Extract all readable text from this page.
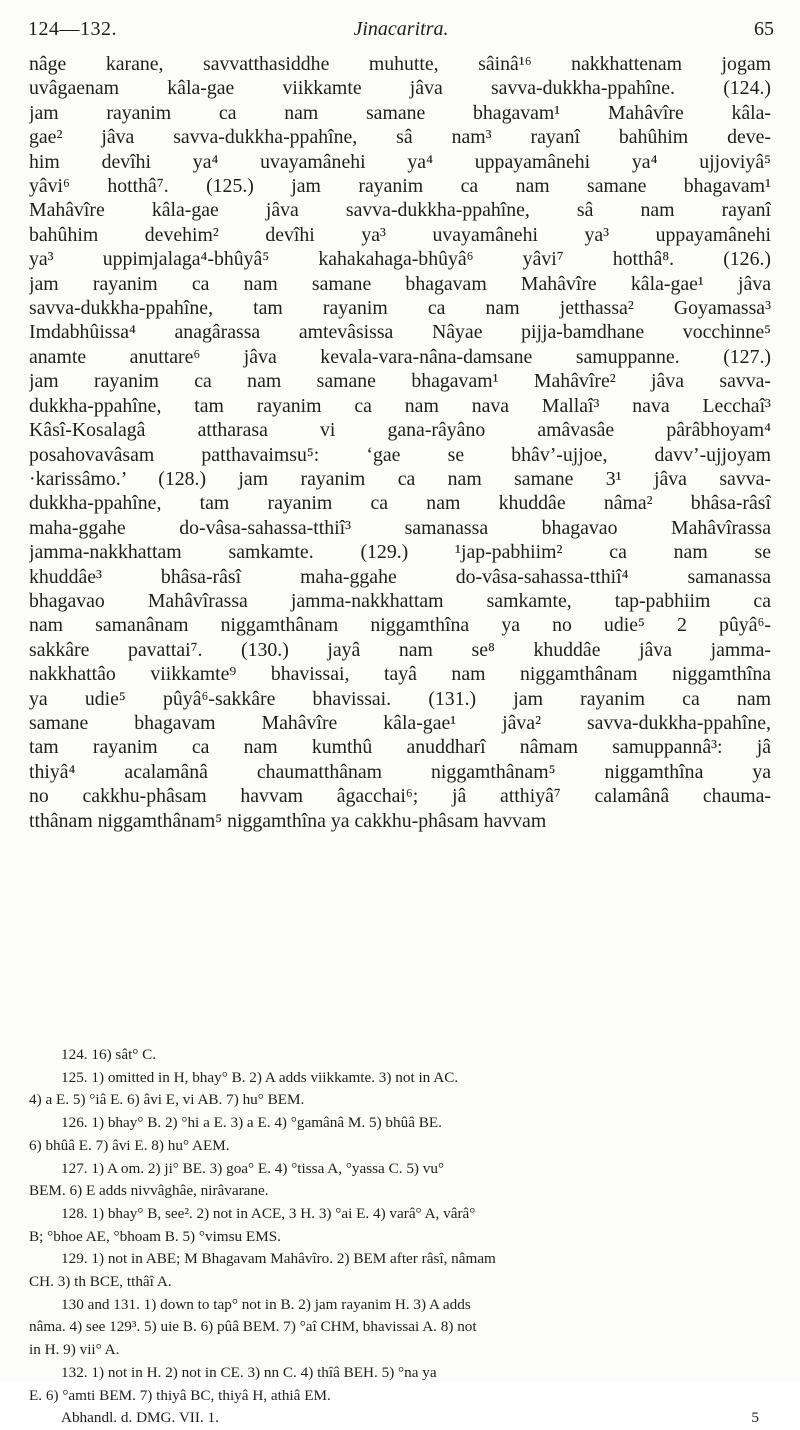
124—132.	Jinacaritra.	65
nâge karane, savvatthasiddhe muhutte, sâinâ¹⁶ nakkhattenam jogam
uvâgaenam kâla-gae viikkamte jâva savva-dukkha-ppahîne. (124.)
jam rayanim ca nam samane bhagavam¹ Mahâvîre kâla-
gae² jâva savva-dukkha-ppahîne, sâ nam³ rayanî bahûhim deve-
him devîhi ya⁴ uvayamânehi ya⁴ uppayamânehi ya⁴ ujjoviyâ⁵
yâvi⁶ hotthâ⁷. (125.) jam rayanim ca nam samane bhagavam¹
Mahâvîre kâla-gae jâva savva-dukkha-ppahîne, sâ nam rayanî
bahûhim devehim² devîhi ya³ uvayamânehi ya³ uppayamânehi
ya³ uppimjalaga⁴-bhûyâ⁵ kahakahaga-bhûyâ⁶ yâvi⁷ hotthâ⁸. (126.)
jam rayanim ca nam samane bhagavam Mahâvîre kâla-gae¹ jâva
savva-dukkha-ppahîne, tam rayanim ca nam jetthassa² Goyamassa³
Imdabhûissa⁴ anagârassa amtevâsissa Nâyae pijja-bamdhane vocchinne⁵
anamte anuttare⁶ jâva kevala-vara-nâna-damsane samuppanne. (127.)
jam rayanim ca nam samane bhagavam¹ Mahâvîre² jâva savva-
dukkha-ppahîne, tam rayanim ca nam nava Mallaî³ nava Lecchaî³
Kâsî-Kosalagâ attharasa vi gana-râyâno amâvasâe pârâbhoyam⁴
posahovavâsam patthavaimsu⁵: ‘gae se bhâv’-ujjoe, davv’-ujjoyam
·karissâmo.’ (128.) jam rayanim ca nam samane 3¹ jâva savva-
dukkha-ppahîne, tam rayanim ca nam khuddâe nâma² bhâsa-râsî
maha-ggahe do-vâsa-sahassa-tthiî³ samanassa bhagavao Mahâvîrassa
jamma-nakkhattam samkamte. (129.) ¹jap-pabhiim² ca nam se
khuddâe³ bhâsa-râsî maha-ggahe do-vâsa-sahassa-tthiî⁴ samanassa
bhagavao Mahâvîrassa jamma-nakkhattam samkamte, tap-pabhiim ca
nam samanânam niggamthânam niggamthîna ya no udie⁵ 2 pûyâ⁶-
sakkâre pavattai⁷. (130.) jayâ nam se⁸ khuddâe jâva jamma-
nakkhattâo viikkamte⁹ bhavissai, tayâ nam niggamthânam niggamthîna
ya udie⁵ pûyâ⁶-sakkâre bhavissai. (131.) jam rayanim ca nam
samane bhagavam Mahâvîre kâla-gae¹ jâva² savva-dukkha-ppahîne,
tam rayanim ca nam kumthû anuddharî nâmam samuppannâ³: jâ
thiyâ⁴ acalamânâ chaumatthânam niggamthânam⁵ niggamthîna ya
no cakkhu-phâsam havvam âgacchai⁶; jâ atthiyâ⁷ calamânâ chauma-
tthânam niggamthânam⁵ niggamthîna ya cakkhu-phâsam havvam
124. 16) sât° C.
125. 1) omitted in H, bhay° B. 2) A adds viikkamte. 3) not in AC.
4) a E. 5) °iâ E. 6) âvi E, vi AB. 7) hu° BEM.
126. 1) bhay° B. 2) °hi a E. 3) a E. 4) °gamânâ M. 5) bhûâ BE.
6) bhûâ E. 7) âvi E. 8) hu° AEM.
127. 1) A om. 2) ji° BE. 3) goa° E. 4) °tissa A, °yassa C. 5) vu°
BEM. 6) E adds nivvâghâe, nirâvarane.
128. 1) bhay° B, see². 2) not in ACE, 3 H. 3) °ai E. 4) varâ° A, vârâ°
B; °bhoe AE, °bhoam B. 5) °vimsu EMS.
129. 1) not in ABE; M Bhagavam Mahâvîro. 2) BEM after râsî, nâmam
CH. 3) th BCE, tthâî A.
130 and 131. 1) down to tap° not in B. 2) jam rayanim H. 3) A adds
nâma. 4) see 129³. 5) uie B. 6) pûâ BEM. 7) °aî CHM, bhavissai A. 8) not
in H. 9) vii° A.
132. 1) not in H. 2) not in CE. 3) nn C. 4) thîâ BEH. 5) °na ya
E. 6) °amti BEM. 7) thiyâ BC, thiyâ H, athiâ EM.
Abhandl. d. DMG. VII. 1.	5
